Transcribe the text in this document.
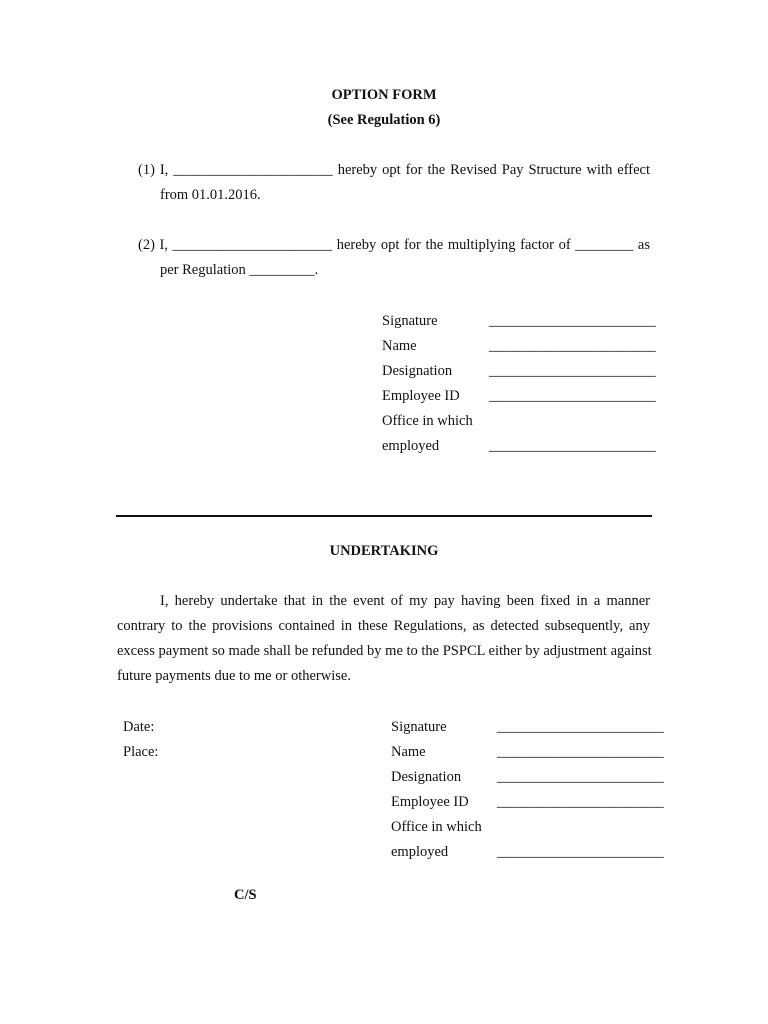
OPTION FORM
(See Regulation 6)
(1) I, ______________________ hereby opt for the Revised Pay Structure with effect
from 01.01.2016.
(2) I, ______________________ hereby opt for the multiplying factor of ________ as
per Regulation _________.
Signature	_______________________
Name	_______________________
Designation	_______________________
Employee ID _______________________
Office in which
employed	_______________________
UNDERTAKING
I, hereby undertake that in the event of my pay having been fixed in a manner
contrary to the provisions contained in these Regulations, as detected subsequently, any
excess payment so made shall be refunded by me to the PSPCL either by adjustment against
future payments due to me or otherwise.
Date:
Place:
Signature	_______________________
Name	_______________________
Designation _______________________
Employee ID _______________________
Office in which
employed	_______________________
C/S
